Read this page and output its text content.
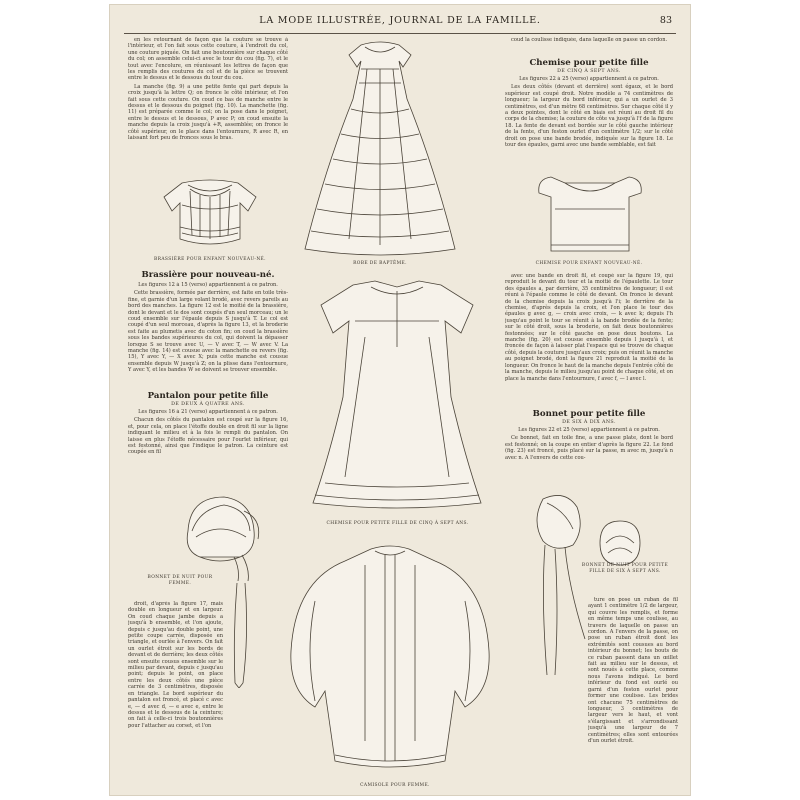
LA MODE ILLUSTRÉE, JOURNAL DE LA FAMILLE.	83

en les retournant de façon que la couture se trouve à l'intérieur, et l'on fait sous cette couture, à l'endroit du col, une couture piquée. On fait une boutonnière sur chaque côté du col; on assemble celui-ci avec le tour du cou (fig. 7), et le tout avec l'encolure, en réunissant les lettres de façon que les remplis des coutures du col et de la pièce se trouvent entre le dessus et le dessous du tour du cou.

La manche (fig. 9) a une petite fente qui part depuis la croix jusqu'à la lettre Q; on fronce le côté intérieur, et l'on fait sous cette couture. On coud ce bas de manche entre le dessus et le dessous du poignet (fig. 10). La manchette (fig. 11) est préparée comme le col; on la pose dans le poignet, entre le dessus et le dessous, P avec P; on coud ensuite la manche depuis la croix jusqu'à +R, assemblée; on fronce le côté supérieur, on le place dans l'entournure, R avec R, en laissant fort peu de fronces sous le bras.

BRASSIÈRE POUR ENFANT NOUVEAU-NÉ.
Brassière pour nouveau-né.

Les figures 12 à 15 (verso) appartiennent à ce patron.

Cette brassière, formée par derrière, est faite en toile très-fine, et garnie d'un large volant brodé, avec revers pareils au bord des manches. La figure 12 est le moitié de la brassière, dont le devant et le dos sont coupés d'un seul morceau; un le coud ensemble sur l'épaule depuis S jusqu'à T. Le col est coupé d'un seul morceau, d'après la figure 13, et la broderie est faite au plumetis avec du coton fin; on coud la brassière sous les bandes supérieures du col, qui doivent la dépasser lorsque S se trouve avec U, — V avec T, — W avec V. La manche (fig. 14) est cousue avec la manchette ou revers (fig. 15), Y avec Y, — X avec X; puis cette manche est cousue ensemble depuis W jusqu'à Z; on la plisse dans l'entournure, Y avec Y, et les bandes W se doivent se trouver ensemble.

Pantalon pour petite fille
DE DEUX À QUATRE ANS.

Les figures 16 à 21 (verso) appartiennent à ce patron.

Chacun des côtés du pantalon est coupé sur la figure 16, et, pour cela, on place l'étoffe double en droit fil sur la ligne indiquant le milieu et à la fois le rempli du pantalon. On laisse en plus l'étoffe nécessaire pour l'ourlet inférieur, qui est festonné, ainsi que l'indique le patron. La ceinture est coupée en fil

BONNET DE NUIT POUR FEMME.

droit, d'après la figure 17, mais double en longueur et en largeur. On coud chaque jambe depuis a jusqu'à b ensemble, et l'on ajoute, depuis c jusqu'au double point, une petite coupe carrée, disposée en triangle, et ourlée à l'envers. On fait un ourlet étroit sur les bords de devant et de derrière; les deux côtés sont ensuite cousus ensemble sur le milieu par devant, depuis c jusqu'au point; depuis le point, on place entre les deux côtés une pièce carrée de 3 centimètres, disposée en triangle. Le bord supérieur du pantalon est froncé, et placé c avec e, — d avec d, — e avec e, entre le dessus et le dessous de la ceinture; on fait à celle-ci trois boutonnières pour l'attacher au corset, et l'on

ROBE DE BAPTÊME.
CHEMISE POUR PETITE FILLE DE CINQ À SEPT ANS.
CAMISOLE POUR FEMME.

coud la coulisse indiquée, dans laquelle on passe un cordon.

Chemise pour petite fille
DE CINQ À SEPT ANS.

Les figures 22 à 25 (verso) appartiennent à ce patron.

Les deux côtés (devant et derrière) sont égaux, et le bord supérieur est coupé droit. Notre modèle a 74 centimètres de longueur; la largeur du bord inférieur, qui a un ourlet de 3 centimètres, est d'un mètre 68 centimètres. Sur chaque côté il y a deux pointes, dont le côté en biais est réuni au droit fil du corps de la chemise; la couture de côte va jusqu'à l'f de la figure 18. La fente de devant est bordée sur le côté gauche intérieur de la fente, d'un feston ourlet d'un centimètre 1/2; sur le côté droit on pose une bande brodée, indiquée sur la figure 18. Le tour des épaules, garni avec une bande semblable, est fait

CHEMISE POUR ENFANT NOUVEAU-NÉ.

avec une bande en droit fil, et coupé sur la figure 19, qui reproduit le devant du tour et la moitié de l'épaulette. Le tour des épaules a, par derrière, 35 centimètres de longueur; il est réuni à l'épaule comme le côté de devant. On fronce le devant de la chemise depuis la croix jusqu'à l'i; le derrière de la chemise, d'après depuis la croix, et l'on place le tour des épaules g avec g, — croix avec croix, — k avec k; depuis l'h jusqu'au point le tour se réunit à la bande brodée de la fente; sur le côté droit, sous la broderie, on fait deux boutonnières festonnées; sur le côté gauche on pose deux boutons. La manche (fig. 20) est cousue ensemble depuis l jusqu'à l, et froncée de façon à laisser plat l'espace qui se trouve de chaque côté, depuis la couture jusqu'aux croix; puis on réunit la manche au poignet brodé, dont la figure 21 reproduit la moitié de la longueur. On fronce le haut de la manche depuis l'entrée côté de la manche, depuis le milieu jusqu'au point de chaque côté, et on place la manche dans l'entournure, f avec f, — l avec l.

Bonnet pour petite fille
DE SIX À DIX ANS.

Les figures 22 et 25 (verso) appartiennent à ce patron.

Ce bonnet, fait en toile fine, a une passe plate, dont le bord est festonné; on la coupe en entier d'après la figure 22. Le fond (fig. 23) est froncé, puis placé sur la passe, m avec m, jusqu'à n avec n. A l'envers de cette cou-

BONNET DE NUIT POUR PETITE FILLE DE SIX À SEPT ANS.

ture on pose un ruban de fil ayant 1 centimètre 1/2 de largeur, qui couvre les remplis, et forme en même temps une coulisse, au travers de laquelle on passe un cordon. A l'envers de la passe, on pose un ruban étroit dont les extrémités sont cousues au bord intérieur du bonnet; les bouts de ce ruban passent dans un œillet fait au milieu sur le dessus, et sont noués à cette place, comme nous l'avons indiqué. Le bord inférieur du fond est ourlé ou garni d'un feston ourlet pour former une coulisse. Les brides ont chacune 75 centimètres de longueur, 3 centimètres de largeur vers le haut, et vont s'élargissant et s'arrondissant jusqu'à une largeur de 7 centimètres; elles sont entourées d'un ourlet étroit.
